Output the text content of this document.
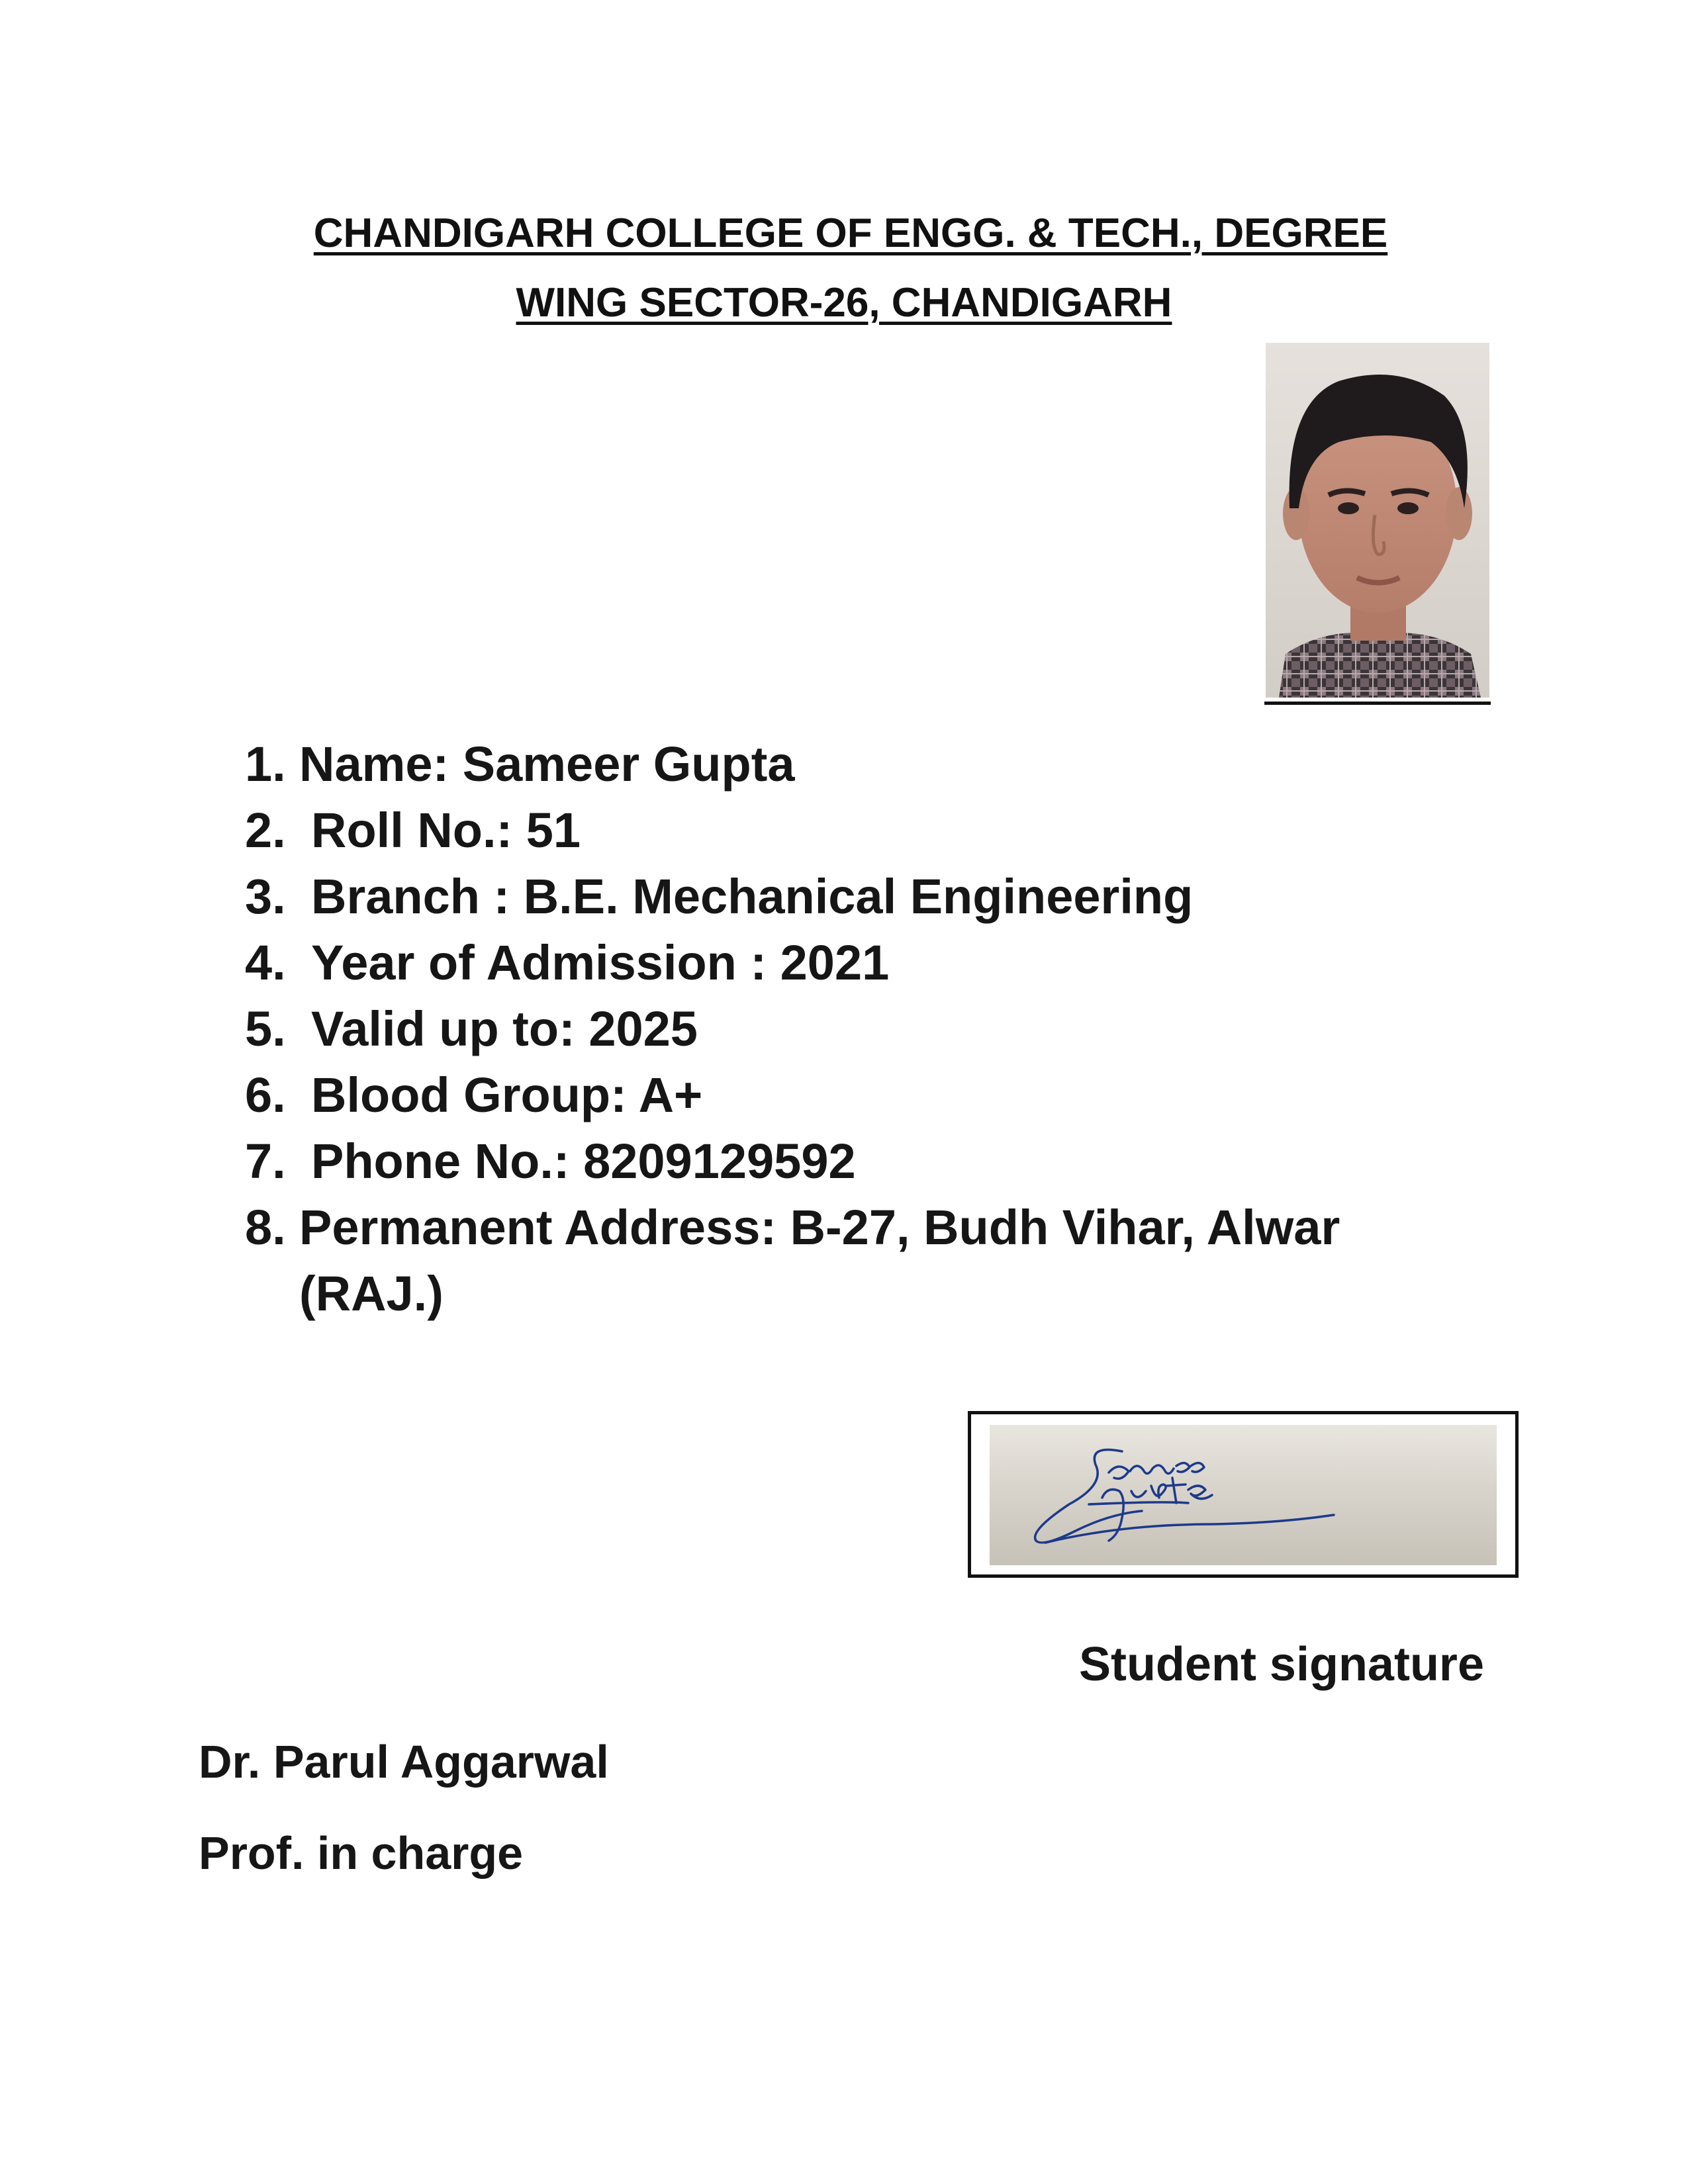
CHANDIGARH COLLEGE OF ENGG. & TECH., DEGREE
WING SECTOR-26, CHANDIGARH
1. Name: Sameer Gupta
2. Roll No.: 51
3. Branch : B.E. Mechanical Engineering
4. Year of Admission : 2021
5. Valid up to: 2025
6. Blood Group: A+
7. Phone No.: 8209129592
8. Permanent Address: B-27, Budh Vihar, Alwar
(RAJ.)
Student signature
Dr. Parul Aggarwal
Prof. in charge
